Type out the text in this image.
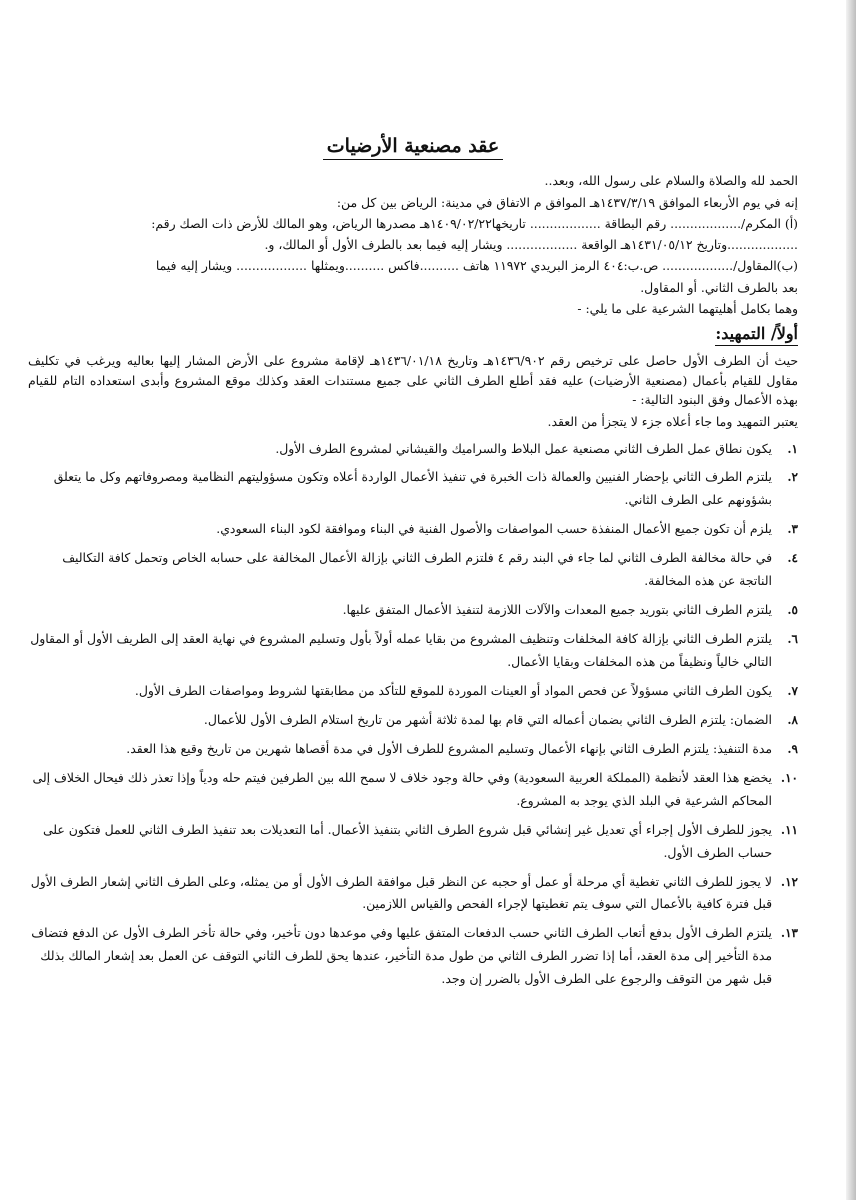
عقد مصنعية الأرضيات
الحمد لله والصلاة والسلام على رسول الله، وبعد..
إنه في يوم الأربعاء الموافق ١٤٣٧/٣/١٩هـ الموافق م الاتفاق في مدينة: الرياض بين كل من:
(أ) المكرم/.................. رقم البطاقة .................. تاريخها١٤٠٩/٠٢/٢٢هـ مصدرها الرياض، وهو المالك للأرض ذات الصك رقم:
..................وتاريخ ١٤٣١/٠٥/١٢هـ الواقعة .................. ويشار إليه فيما بعد بالطرف الأول أو المالك، و.
(ب)المقاول/.................. ص.ب:٤٠٤ الرمز البريدي ١١٩٧٢ هاتف ..........فاكس ..........ويمثلها .................. ويشار إليه فيما
بعد بالطرف الثاني. أو المقاول.
وهما بكامل أهليتهما الشرعية على ما يلي: -
أولاً/ التمهيد:
حيث أن الطرف الأول حاصل على ترخيص رقم ١٤٣٦/٩٠٢هـ وتاريخ ١٤٣٦/٠١/١٨هـ لإقامة مشروع على الأرض المشار إليها بعاليه ويرغب في تكليف مقاول للقيام بأعمال (مصنعية الأرضيات) عليه فقد أطلع الطرف الثاني على جميع مستندات العقد وكذلك موقع المشروع وأبدى استعداده التام للقيام بهذه الأعمال وفق البنود التالية: -
يعتبر التمهيد وما جاء أعلاه جزء لا يتجزأ من العقد.
١.
يكون نطاق عمل الطرف الثاني مصنعية عمل البلاط والسراميك والقيشاني لمشروع الطرف الأول.
٢.
يلتزم الطرف الثاني بإحضار الفنيين والعمالة ذات الخبرة في تنفيذ الأعمال الواردة أعلاه وتكون مسؤوليتهم النظامية ومصروفاتهم وكل ما يتعلق بشؤونهم على الطرف الثاني.
٣.
يلزم أن تكون جميع الأعمال المنفذة حسب المواصفات والأصول الفنية في البناء وموافقة لكود البناء السعودي.
٤.
في حالة مخالفة الطرف الثاني لما جاء في البند رقم ٤ فلتزم الطرف الثاني بإزالة الأعمال المخالفة على حسابه الخاص وتحمل كافة التكاليف الناتجة عن هذه المخالفة.
٥.
يلتزم الطرف الثاني بتوريد جميع المعدات والآلات اللازمة لتنفيذ الأعمال المتفق عليها.
٦.
يلتزم الطرف الثاني بإزالة كافة المخلفات وتنظيف المشروع من بقايا عمله أولاً بأول وتسليم المشروع في نهاية العقد إلى الطريف الأول أو المقاول التالي خالياً ونظيفاً من هذه المخلفات وبقايا الأعمال.
٧.
يكون الطرف الثاني مسؤولاً عن فحص المواد أو العينات الموردة للموقع للتأكد من مطابقتها لشروط ومواصفات الطرف الأول.
٨.
الضمان: يلتزم الطرف الثاني بضمان أعماله التي قام بها لمدة ثلاثة أشهر من تاريخ استلام الطرف الأول للأعمال.
٩.
مدة التنفيذ: يلتزم الطرف الثاني بإنهاء الأعمال وتسليم المشروع للطرف الأول في مدة أقصاها شهرين من تاريخ وقيع هذا العقد.
١٠.
يخضع هذا العقد لأنظمة (المملكة العربية السعودية) وفي حالة وجود خلاف لا سمح الله بين الطرفين فيتم حله ودياً وإذا تعذر ذلك فيحال الخلاف إلى المحاكم الشرعية في البلد الذي يوجد به المشروع.
١١.
يجوز للطرف الأول إجراء أي تعديل غير إنشائي قبل شروع الطرف الثاني بتنفيذ الأعمال. أما التعديلات بعد تنفيذ الطرف الثاني للعمل فتكون على حساب الطرف الأول.
١٢.
لا يجوز للطرف الثاني تغطية أي مرحلة أو عمل أو حجبه عن النظر قبل موافقة الطرف الأول أو من يمثله، وعلى الطرف الثاني إشعار الطرف الأول قبل فترة كافية بالأعمال التي سوف يتم تغطيتها لإجراء الفحص والقياس اللازمين.
١٣.
يلتزم الطرف الأول بدفع أتعاب الطرف الثاني حسب الدفعات المتفق عليها وفي موعدها دون تأخير، وفي حالة تأخر الطرف الأول عن الدفع فتضاف مدة التأخير إلى مدة العقد، أما إذا تضرر الطرف الثاني من طول مدة التأخير، عندها يحق للطرف الثاني التوقف عن العمل بعد إشعار المالك بذلك قبل شهر من التوقف والرجوع على الطرف الأول بالضرر إن وجد.
